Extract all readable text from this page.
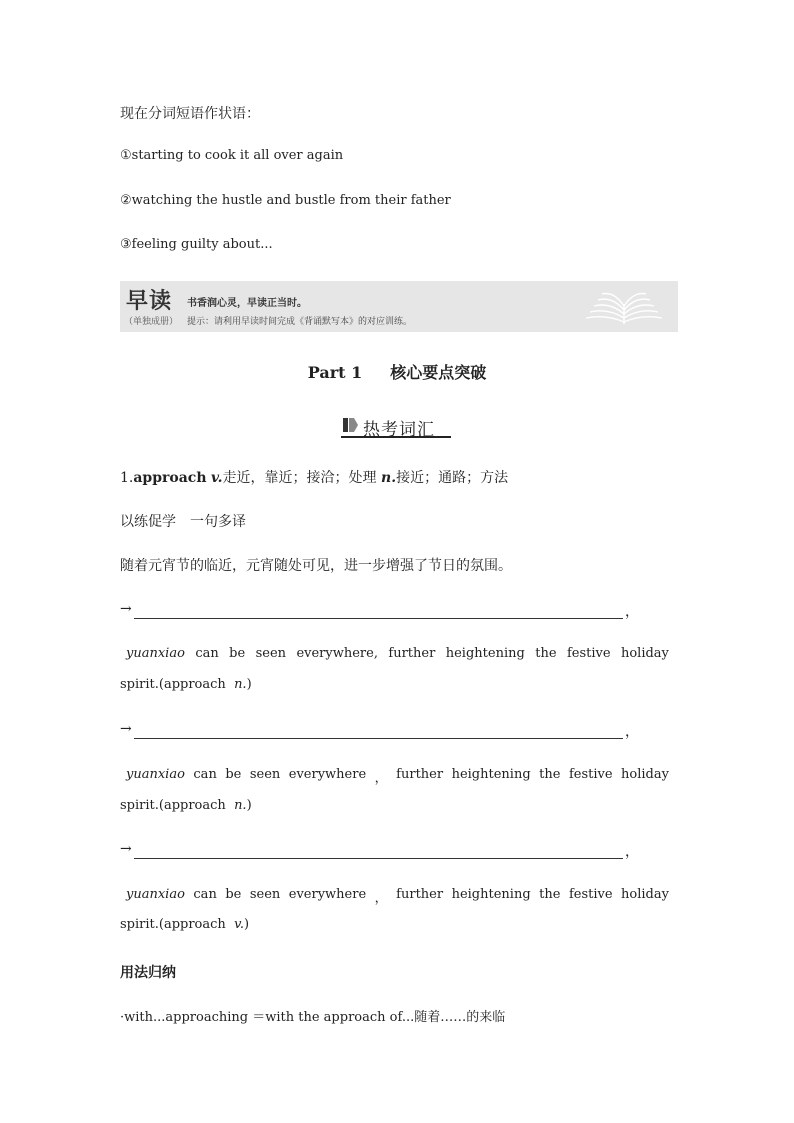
现在分词短语作状语：
①starting to cook it all over again
②watching the hustle and bustle from their father
③feeling guilty about...
早读
（单独成册）
书香润心灵，早读正当时。
提示：请利用早读时间完成《背诵默写本》的对应训练。
Part 1 核心要点突破
热考词汇
1.approach v.走近，靠近；接洽；处理 n.接近；通路；方法
以练促学　一句多译
随着元宵节的临近，元宵随处可见，进一步增强了节日的氛围。
→	，
yuanxiao can be seen everywhere, further heightening the festive holiday
spirit.(approach n.)
→	，
yuanxiao can be seen everywhere ， further heightening the festive holiday
spirit.(approach n.)
→	，
yuanxiao can be seen everywhere ， further heightening the festive holiday
spirit.(approach v.)
用法归纳
·with...approaching ＝with the approach of...随着……的来临
